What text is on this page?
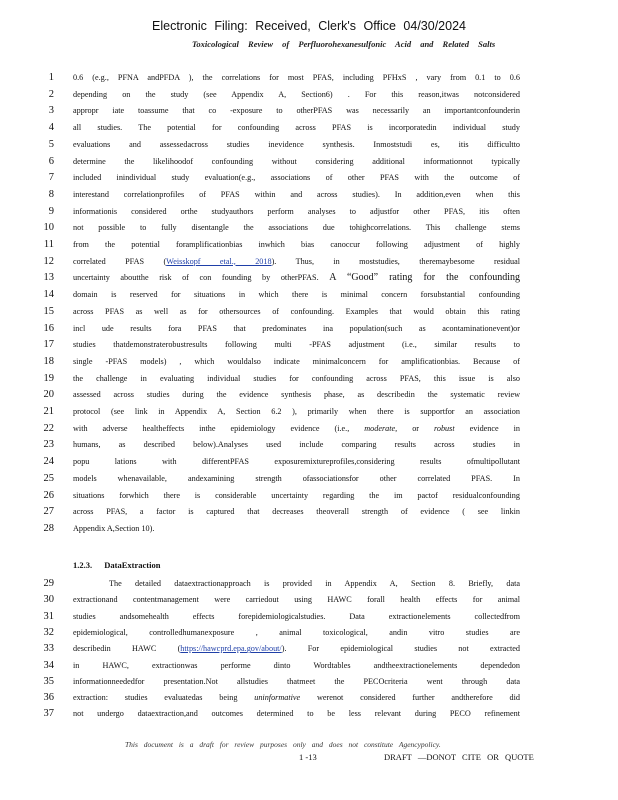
Electronic Filing: Received, Clerk's Office 04/30/2024
Toxicological Review of Perfluorohexanesulfonic Acid and Related Salts
1 0.6 (e.g., PFNA andPFDA ), the correlations for most PFAS, including PFHxS , vary from 0.1 to 0.6
2 depending on the study (see Appendix A, Section6) . For this reason,itwas notconsidered
3 appropr iate toassume that co -exposure to otherPFAS was necessarily an importantconfounderin
4 all studies. The potential for confounding across PFAS is incorporatedin individual study
5 evaluations and assessedacross studies inevidence synthesis. Inmoststudi es, itis difficultto
6 determine the likelihoodof confounding without considering additional informationnot typically
7 included inindividual study evaluation(e.g., associations of other PFAS with the outcome of
8 interestand correlationprofiles of PFAS within and across studies). In addition,even when this
9 informationis considered orthe studyauthors perform analyses to adjustfor other PFAS, itis often
10 not possible to fully disentangle the associations due tohighcorrelations. This challenge stems
11 from the potential foramplificationbias inwhich bias canoccur following adjustment of highly
12 correlated PFAS (Weisskopf etal., 2018). Thus, in moststudies, theremaybesome residual
13 uncertainty aboutthe risk of con founding by otherPFAS. A “Good” rating for the confounding
14 domain is reserved for situations in which there is minimal concern forsubstantial confounding
15 across PFAS as well as for othersources of confounding. Examples that would obtain this rating
16 incl ude results fora PFAS that predominates ina population(such as acontaminationevent)or
17 studies thatdemonstraterobustresults following multi -PFAS adjustment (i.e., similar results to
18 single -PFAS models) , which wouldalso indicate minimalconcern for amplificationbias. Because of
19 the challenge in evaluating individual studies for confounding across PFAS, this issue is also
20 assessed across studies during the evidence synthesis phase, as describedin the systematic review
21 protocol (see link in Appendix A, Section 6.2 ), primarily when there is supportfor an association
22 with adverse healtheffects inthe epidemiology evidence (i.e., moderate, or robust evidence in
23 humans, as described below).Analyses used include comparing results across studies in
24 popu lations with differentPFAS exposuremixtureprofiles,considering results ofmultipollutant
25 models whenavailable, andexamining strength ofassociationsfor other correlated PFAS. In
26 situations forwhich there is considerable uncertainty regarding the im pactof residualconfounding
27 across PFAS, a factor is captured that decreases theoverall strength of evidence ( see linkin
28 Appendix A,Section 10).
1.2.3. DataExtraction
29	The detailed dataextractionapproach is provided in Appendix A, Section 8. Briefly, data
30 extractionand contentmanagement were carriedout using HAWC forall health effects for animal
31 studies andsomehealth effects forepidemiologicalstudies. Data extractionelements collectedfrom
32 epidemiological, controlledhumanexposure , animal toxicological, andin vitro studies are
33 describedin HAWC (https://hawcprd.epa.gov/about/). For epidemiological studies not extracted
34 in HAWC, extractionwas performe dinto Wordtables andtheextractionelements dependedon
35 informationneededfor presentation.Not allstudies thatmeet the PECOcriteria went through data
36 extraction: studies evaluatedas being uninformative werenot considered further andtherefore did
37 not undergo dataextraction,and outcomes determined to be less relevant during PECO refinement
This document is a draft for review purposes only and does not constitute Agencypolicy.
1 -13	DRAFT —DONOT CITE OR QUOTE
